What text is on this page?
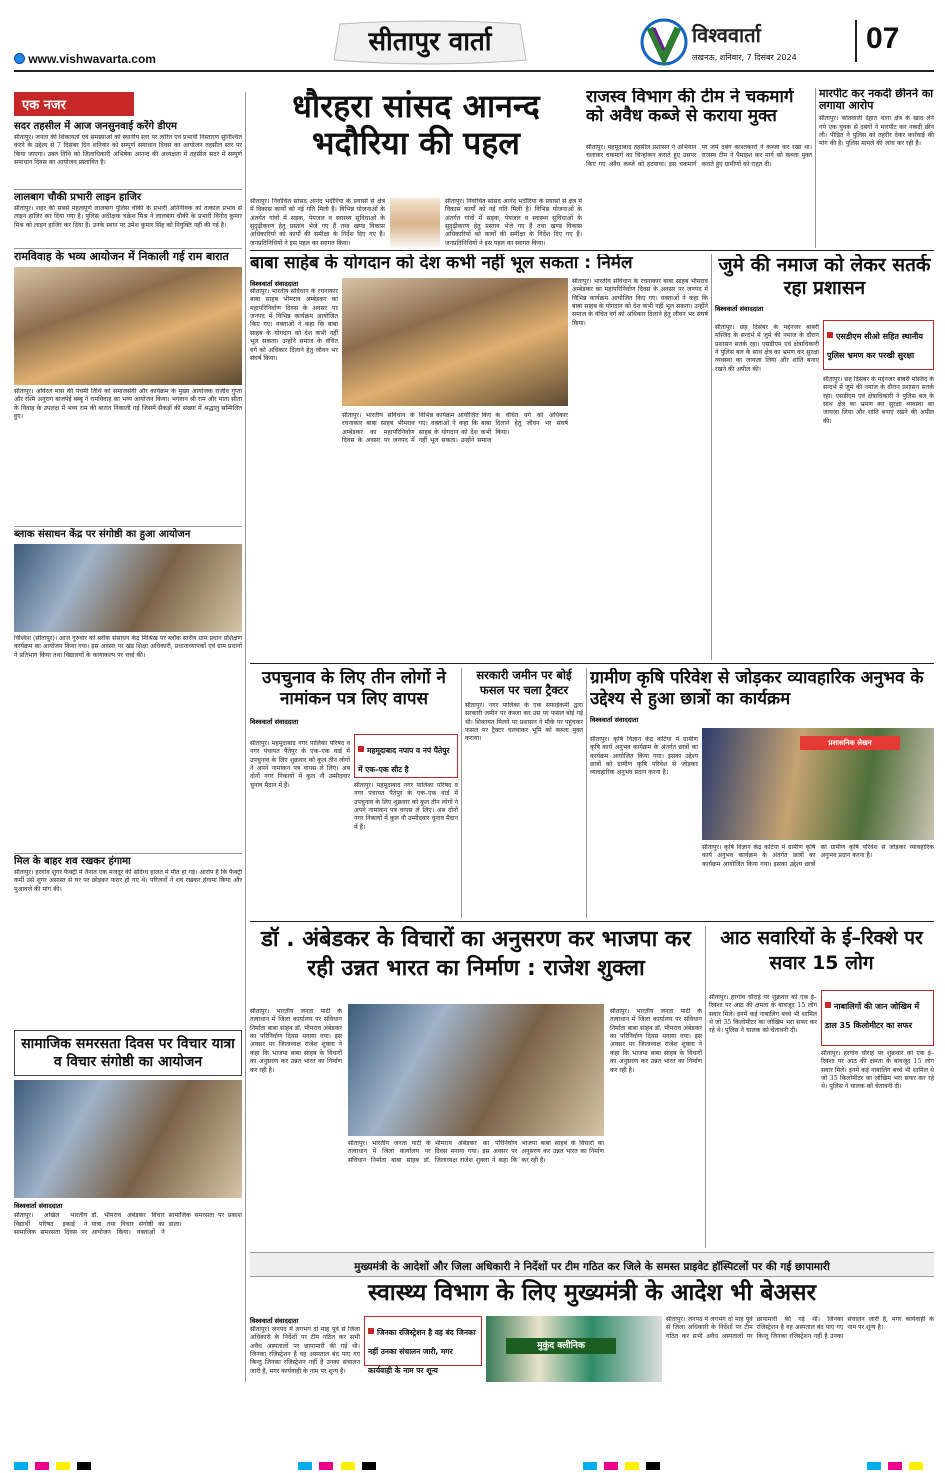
www.vishwavarta.com
सीतापुर वार्ता	विश्ववार्ता
लखनऊ, शनिवार, 7 दिसंबर 2024
07
एक नजर
सदर तहसील में आज जनसुनवाई करेंगे डीएम
सीतापुर। जनता की शिकायतों एवं समस्याओं को स्थानीय स्तर पर त्वरित एवं प्रभावी निस्तारण सुनिश्चित करने के उद्देश्य से 7 दिसंबर दिन शनिवार को सम्पूर्ण समाधान दिवस का आयोजन तहसील स्तर पर किया जाएगा। उक्त तिथि को जिलाधिकारी अभिषेक आनन्द की अध्यक्षता में तहसील सदर में सम्पूर्ण समाधान दिवस का आयोजन प्रस्तावित है।
लालबाग चौकी प्रभारी लाइन हाजिर
सीतापुर। शहर की सबसे महत्वपूर्ण लालबाग पुलिस चौकी के प्रभारी अनिनीवक को तत्काल प्रभाव से लाइन हाजिर कर दिया गया है। पुलिस अधीक्षक चक्रेश मिश्र ने लालबाग चौकी के प्रभारी विनोद कुमार मिश्र को लाइन हाजिर कर दिया है। उनके स्थान पर उमेश कुमार सिंह को नियुक्ति नहीं की गई है।
रामविवाह के भव्य आयोजन में निकाली गई राम बारात
सीतापुर। अविरल मास की पंचमी तिथि को समाजसेवी और कार्यक्रम के मुख्य आयोजक राजीव गुप्ता और रश्मि अनुराग बाजपेई बब्बू ने रामविवाह का भव्य आयोजन किया। भगवान श्री राम और माता सीता के विवाह के उपलक्ष में भव्य राम की बारात निकाली गई जिसमें सैकड़ों की संख्या में श्रद्धालु सम्मिलित हुए।
ब्लाक संसाधन केंद्र पर संगोष्ठी का हुआ आयोजन
विश्विश (सीतापुर)। आज गुरुवार को ब्लॉक संसाधन केंद्र मिश्रिख पर ब्लॉक स्तरीय ग्राम प्रधान प्रशिक्षण कार्यक्रम का आयोजन किया गया। इस अवसर पर खंड शिक्षा अधिकारी, प्रधानाध्यापकों एवं ग्राम प्रधानों ने प्रतिभाग किया तथा विद्यालयों के कायाकल्प पर चर्चा की।
मिल के बाहर शव रखकर हंगामा
सीतापुर। हरगांव शुगर फैक्ट्री में तैनात एक मजदूर की संदिग्ध हालत में मौत हो गई। आरोप है कि फैक्ट्री कर्मी उसे शुगर असास्त से घर पर छोड़कर फरार हो गए थे। परिजनों ने शव रखकर हंगामा किया और मुआवजे की मांग की।
धौरहरा सांसद आनन्द भदौरिया की पहल
सीतापुर। निर्वाचित सांसद आनंद भदौरिया के प्रयासों से क्षेत्र में विकास कार्यों को नई गति मिली है। विभिन्न योजनाओं के अंतर्गत गांवों में सड़क, पेयजल व स्वास्थ्य सुविधाओं के सुदृढ़ीकरण हेतु प्रस्ताव भेजे गए हैं तथा खण्ड विकास अधिकारियों को कार्यों की समीक्षा के निर्देश दिए गए हैं। जनप्रतिनिधियों ने इस पहल का स्वागत किया।
सीतापुर। निर्वाचित सांसद आनंद भदौरिया के प्रयासों से क्षेत्र में विकास कार्यों को नई गति मिली है। विभिन्न योजनाओं के अंतर्गत गांवों में सड़क, पेयजल व स्वास्थ्य सुविधाओं के सुदृढ़ीकरण हेतु प्रस्ताव भेजे गए हैं तथा खण्ड विकास अधिकारियों को कार्यों की समीक्षा के निर्देश दिए गए हैं। जनप्रतिनिधियों ने इस पहल का स्वागत किया।
राजस्व विभाग की टीम ने चकमार्ग को अवैध कब्जे से कराया मुक्त
सीतापुर। महमूदाबाद तहसील प्रशासन ने अभियान चलाकर चकमार्ग का चिन्हांकन कराते हुए उसपर किए गए अवैध कब्जे को हटवाया। इस चकमार्ग पर जमे दबंग काश्तकारों ने कब्जा कर रखा था। राजस्व टीम ने पैमाइश कर मार्ग को कब्जा मुक्त कराते हुए ग्रामीणों को राहत दी।
मारपीट कर नकदी छीनने का लगाया आरोप
सीतापुर। कोतवाली देहात थाना क्षेत्र के खाद लेने गये एक युवक से दबंगों ने मारपीट कर नकदी छीन ली। पीड़ित ने पुलिस को तहरीर देकर कार्रवाई की मांग की है। पुलिस मामले की जांच कर रही है।
बाबा साहेब के योगदान को देश कभी नहीं भूल सकता : निर्मल
विश्ववार्ता संवाददाता
सीतापुर। भारतीय संविधान के रचनाकार बाबा साहब भीमराव अम्बेडकर का महापरिनिर्वाण दिवस के अवसर पर जनपद में विभिन्न कार्यक्रम आयोजित किए गए। वक्ताओं ने कहा कि बाबा साहब के योगदान को देश कभी नहीं भूल सकता। उन्होंने समाज के वंचित वर्ग को अधिकार दिलाने हेतु जीवन भर संघर्ष किया।
सीतापुर। भारतीय संविधान के रचनाकार बाबा साहब भीमराव अम्बेडकर का महापरिनिर्वाण दिवस के अवसर पर जनपद में विभिन्न कार्यक्रम आयोजित किए गए। वक्ताओं ने कहा कि बाबा साहब के योगदान को देश कभी नहीं भूल सकता। उन्होंने समाज के वंचित वर्ग को अधिकार दिलाने हेतु जीवन भर संघर्ष किया।
सीतापुर। भारतीय संविधान के रचनाकार बाबा साहब भीमराव अम्बेडकर का महापरिनिर्वाण दिवस के अवसर पर जनपद में विभिन्न कार्यक्रम आयोजित किए गए। वक्ताओं ने कहा कि बाबा साहब के योगदान को देश कभी नहीं भूल सकता। उन्होंने समाज के वंचित वर्ग को अधिकार दिलाने हेतु जीवन भर संघर्ष किया।
जुमे की नमाज को लेकर सतर्क रहा प्रशासन
विश्ववार्ता संवाददाता
सीतापुर। छह दिसंबर के मद्देनजर बाबरी मस्जिद के सन्दर्भ में जुमे की नमाज के दौरान प्रशासन सतर्क रहा। एसडीएम एवं क्षेत्राधिकारी ने पुलिस बल के साथ क्षेत्र का भ्रमण कर सुरक्षा व्यवस्था का जायजा लिया और शांति बनाए रखने की अपील की।
एसडीएम सीओ सहित स्थानीय पुलिस भ्रमण कर परखी सुरक्षा
सीतापुर। छह दिसंबर के मद्देनजर बाबरी मस्जिद के सन्दर्भ में जुमे की नमाज के दौरान प्रशासन सतर्क रहा। एसडीएम एवं क्षेत्राधिकारी ने पुलिस बल के साथ क्षेत्र का भ्रमण कर सुरक्षा व्यवस्था का जायजा लिया और शांति बनाए रखने की अपील की।
उपचुनाव के लिए तीन लोगों ने नामांकन पत्र लिए वापस
विश्ववार्ता संवाददाता
सीतापुर। महमूदाबाद नगर पालिका परिषद व नगर पंचायत पैंतेपुर के एक–एक वार्ड में उपचुनाव के लिए शुक्रवार को कुल तीन लोगों ने अपने नामांकन पत्र वापस ले लिए। अब दोनों नगर निकायों में कुल नौ उम्मीदवार चुनाव मैदान में हैं।
महमूदाबाद नपाप व नपं पैंतेपुर में एक–एक सीट है
सीतापुर। महमूदाबाद नगर पालिका परिषद व नगर पंचायत पैंतेपुर के एक–एक वार्ड में उपचुनाव के लिए शुक्रवार को कुल तीन लोगों ने अपने नामांकन पत्र वापस ले लिए। अब दोनों नगर निकायों में कुल नौ उम्मीदवार चुनाव मैदान में हैं।
सरकारी जमीन पर बोई फसल पर चला ट्रैक्टर
सीतापुर। नगर पालिका के एक सफाईकर्मी द्वारा सरकारी जमीन पर कब्जा कर उस पर फसल बोई गई थी। शिकायत मिलने पर प्रशासन ने मौके पर पहुंचकर फसल पर ट्रैक्टर चलवाकर भूमि को कब्जा मुक्त कराया।
ग्रामीण कृषि परिवेश से जोड़कर व्यावहारिक अनुभव के उद्देश्य से हुआ छात्रों का कार्यक्रम
विश्ववार्ता संवाददाता
सीतापुर। कृषि विज्ञान केंद्र कटिया में ग्रामीण कृषि कार्य अनुभव कार्यक्रम के अंतर्गत छात्रों का कार्यक्रम आयोजित किया गया। इसका उद्देश्य छात्रों को ग्रामीण कृषि परिवेश से जोड़कर व्यावहारिक अनुभव प्रदान करना है।
प्रशासनिक लेखन
सीतापुर। कृषि विज्ञान केंद्र कटिया में ग्रामीण कृषि कार्य अनुभव कार्यक्रम के अंतर्गत छात्रों का कार्यक्रम आयोजित किया गया। इसका उद्देश्य छात्रों को ग्रामीण कृषि परिवेश से जोड़कर व्यावहारिक अनुभव प्रदान करना है।
डॉ . अंबेडकर के विचारों का अनुसरण कर भाजपा कर रही उन्नत भारत का निर्माण : राजेश शुक्ला
सीतापुर। भारतीय जनता पार्टी के तत्वाधान में जिला कार्यालय पर संविधान निर्माता बाबा साहब डॉ. भीमराव अंबेडकर का परिनिर्वाण दिवस मनाया गया। इस अवसर पर जिलाध्यक्ष राजेश शुक्ला ने कहा कि भाजपा बाबा साहब के विचारों का अनुसरण कर उन्नत भारत का निर्माण कर रही है।
सीतापुर। भारतीय जनता पार्टी के तत्वाधान में जिला कार्यालय पर संविधान निर्माता बाबा साहब डॉ. भीमराव अंबेडकर का परिनिर्वाण दिवस मनाया गया। इस अवसर पर जिलाध्यक्ष राजेश शुक्ला ने कहा कि भाजपा बाबा साहब के विचारों का अनुसरण कर उन्नत भारत का निर्माण कर रही है।
सीतापुर। भारतीय जनता पार्टी के तत्वाधान में जिला कार्यालय पर संविधान निर्माता बाबा साहब डॉ. भीमराव अंबेडकर का परिनिर्वाण दिवस मनाया गया। इस अवसर पर जिलाध्यक्ष राजेश शुक्ला ने कहा कि भाजपा बाबा साहब के विचारों का अनुसरण कर उन्नत भारत का निर्माण कर रही है।
आठ सवारियों के ई–रिक्शे पर सवार 15 लोग
सीतापुर। हरगांव चौराहे पर शुक्रवार को एक ई–रिक्शा पर आठ की क्षमता के बावजूद 15 लोग सवार मिले। इनमें कई नाबालिग बच्चे भी शामिल थे जो 35 किलोमीटर का जोखिम भरा सफर कर रहे थे। पुलिस ने चालक को चेतावनी दी।
नाबालिगों की जान जोखिम में डाल 35 किलोमीटर का सफर
सीतापुर। हरगांव चौराहे पर शुक्रवार को एक ई–रिक्शा पर आठ की क्षमता के बावजूद 15 लोग सवार मिले। इनमें कई नाबालिग बच्चे भी शामिल थे जो 35 किलोमीटर का जोखिम भरा सफर कर रहे थे। पुलिस ने चालक को चेतावनी दी।
सामाजिक समरसता दिवस पर विचार यात्रा व विचार संगोष्ठी का आयोजन
विश्ववार्ता संवाददाता
सीतापुर। अखिल भारतीय विद्यार्थी परिषद इकाई ने सामाजिक समरसता दिवस पर डॉ. भीमराव अंबेडकर विचार यात्रा तथा विचार संगोष्ठी का आयोजन किया। वक्ताओं ने सामाजिक समरसता पर प्रकाश डाला।
मुख्यमंत्री के आदेशों और जिला अधिकारी ने निर्देशों पर टीम गठित कर जिले के समस्त प्राइवेट हॉस्पिटलों पर की गई छापामारी
स्वास्थ्य विभाग के लिए मुख्यमंत्री के आदेश भी बेअसर
विश्ववार्ता संवाददाता
सीतापुर। जनपद में लगभग दो माह पूर्व से जिला अधिकारी के निर्देशों पर टीम गठित कर सभी अवैध अस्पतालों पर छापामारी की गई थी। जिनका रजिस्ट्रेशन है वह अस्पताल बंद पाए गए किन्तु जिनका रजिस्ट्रेशन नहीं है उनका संचालन जारी है, मगर कार्यवाही के नाम पर शून्य है।
जिनका रजिस्ट्रेशन है वह बंद जिनका नहीं उनका संचालन जारी, मगर कार्यवाही के नाम पर शून्य
मुकुंद क्लीनिक
सीतापुर। जनपद में लगभग दो माह पूर्व से जिला अधिकारी के निर्देशों पर टीम गठित कर सभी अवैध अस्पतालों पर छापामारी की गई थी। जिनका रजिस्ट्रेशन है वह अस्पताल बंद पाए गए किन्तु जिनका रजिस्ट्रेशन नहीं है उनका संचालन जारी है, मगर कार्यवाही के नाम पर शून्य है।
